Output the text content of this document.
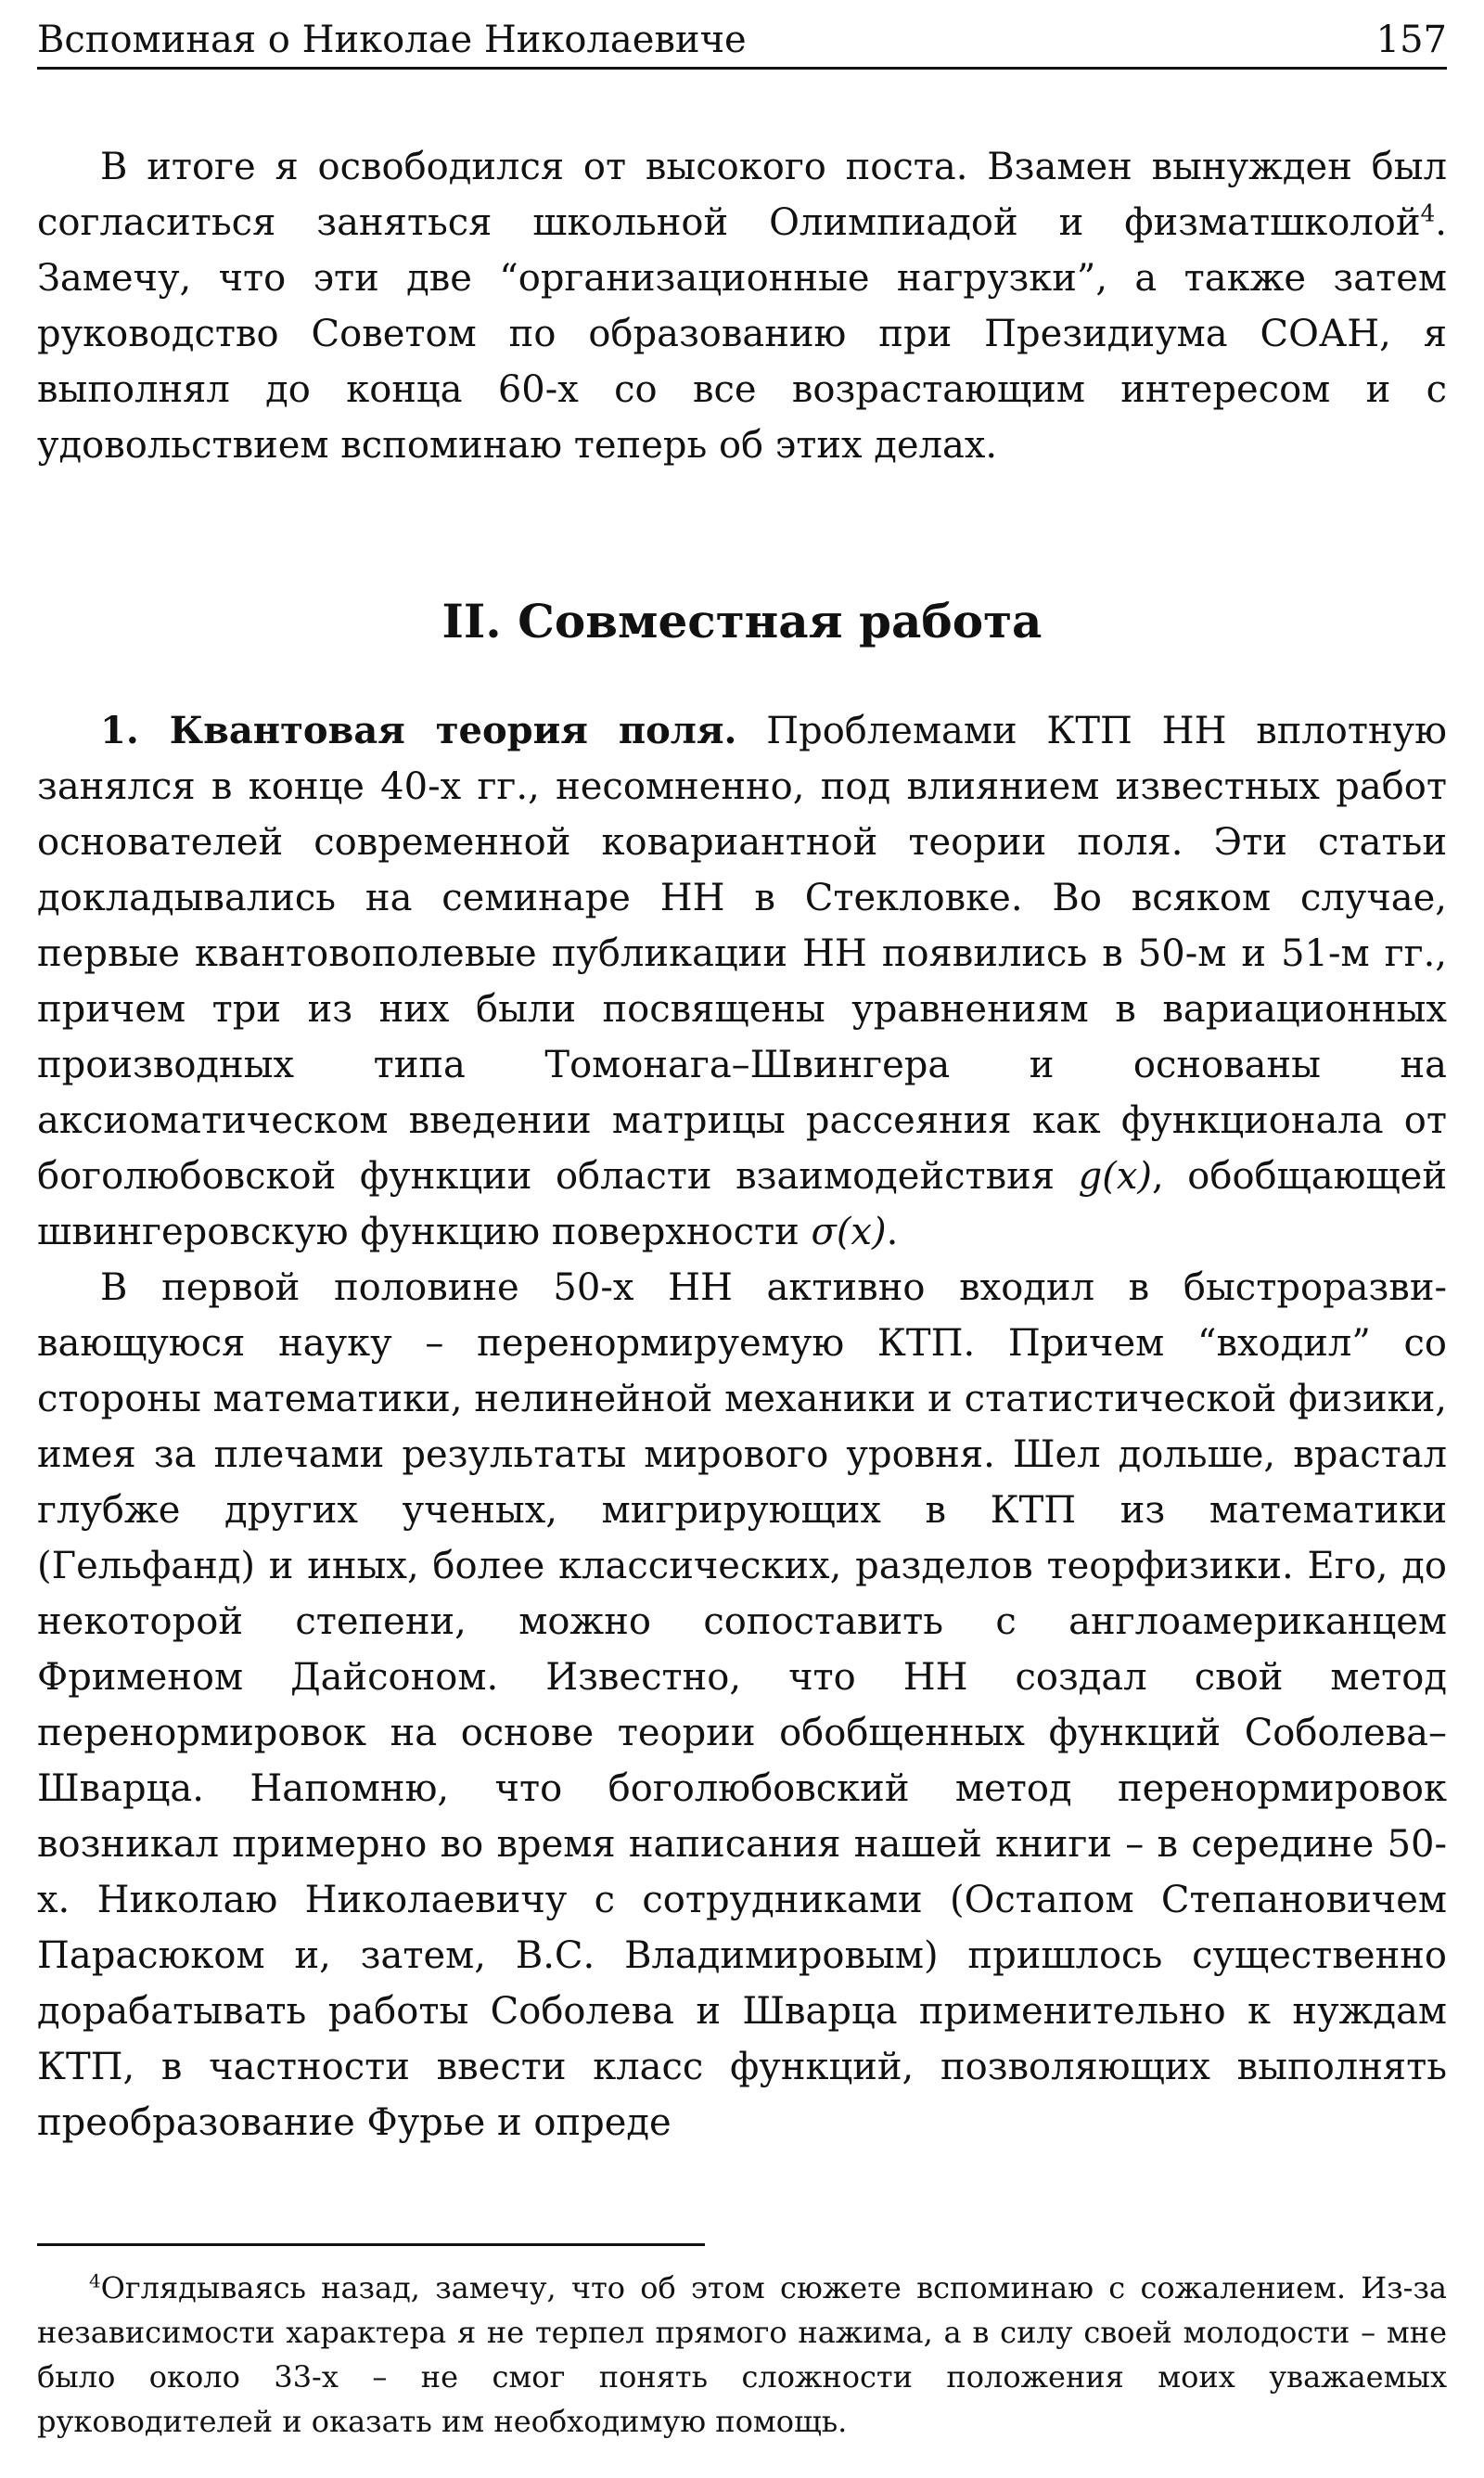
Вспоминая о Николае Николаевиче	157

В итоге я освободился от высокого поста. Взамен вынужден был согласиться заняться школьной Олимпиадой и физматшколой$^4$. Замечу, что эти две “организационные нагрузки”, а также затем руководство Советом по образованию при Президиума СОАН, я выполнял до конца 60-х со все возрастающим интересом и с удовольствием вспоминаю теперь об этих делах.

II. Совместная работа

1. Квантовая теория поля. Проблемами КТП НН вплотную занялся в конце 40-х гг., несомненно, под влиянием известных работ основателей современной ковариантной теории поля. Эти статьи докладывались на семинаре НН в Стекловке. Во всяком случае, первые квантовополевые публикации НН появились в 50-м и 51-м гг., причем три из них были посвящены уравнениям в вариационных производных типа Томонага–Швингера и основаны на аксиоматическом введении матрицы рассеяния как функционала от боголюбовской функции области взаимодействия g(x), обобщающей швингеровскую функцию поверхности σ(x).

В первой половине 50-х НН активно входил в быстроразвивающуюся науку – перенормируемую КТП. Причем “входил” со стороны математики, нелинейной механики и статистической физики, имея за плечами результаты мирового уровня. Шел дольше, врастал глубже других ученых, мигрирующих в КТП из математики (Гельфанд) и иных, более классических, разделов теорфизики. Его, до некоторой степени, можно сопоставить с англоамериканцем Фрименом Дайсоном. Известно, что НН создал свой метод перенормировок на основе теории обобщенных функций Соболева–Шварца. Напомню, что боголюбовский метод перенормировок возникал примерно во время написания нашей книги – в середине 50-х. Николаю Николаевичу с сотрудниками (Остапом Степановичем Парасюком и, затем, В.С. Владимировым) пришлось существенно дорабатывать работы Соболева и Шварца применительно к нуждам КТП, в частности ввести класс функций, позволяющих выполнять преобразование Фурье и опреде

$^4$Оглядываясь назад, замечу, что об этом сюжете вспоминаю с сожалением. Из-за независимости характера я не терпел прямого нажима, а в силу своей молодости – мне было около 33-х – не смог понять сложности положения моих уважаемых руководителей и оказать им необходимую помощь.
